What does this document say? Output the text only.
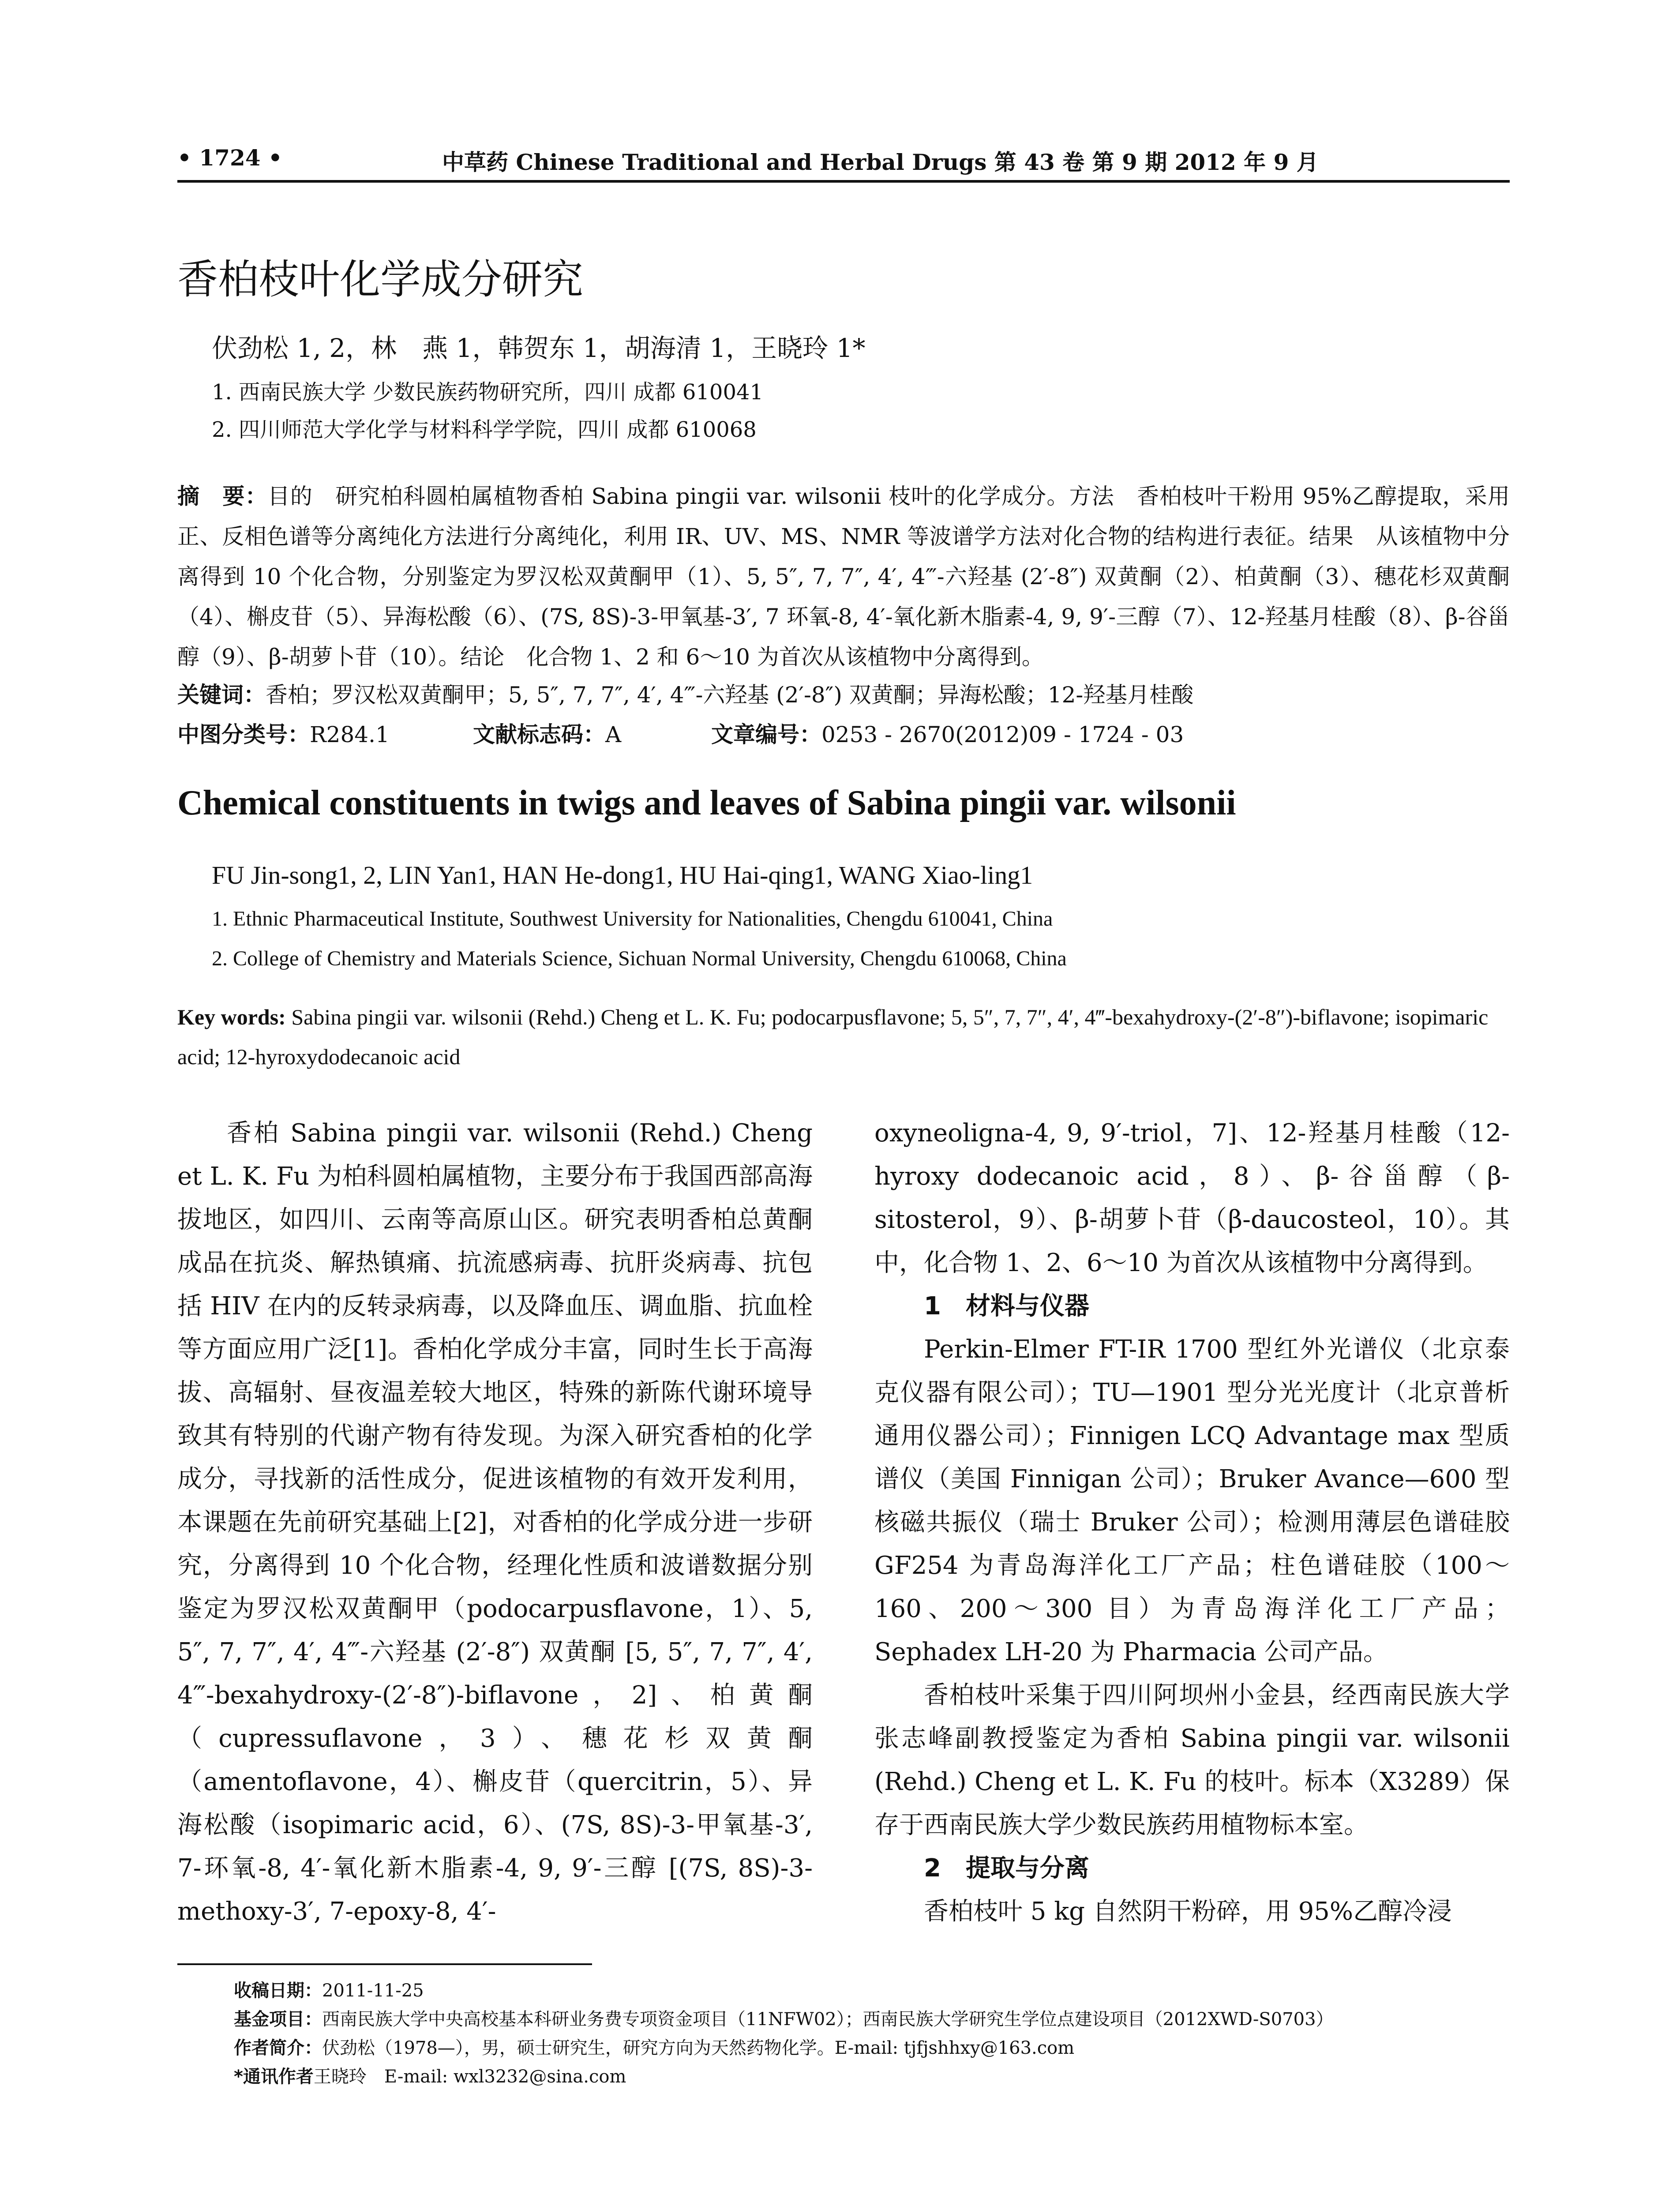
• 1724 •	中草药 Chinese Traditional and Herbal Drugs 第 43 卷 第 9 期 2012 年 9 月
香柏枝叶化学成分研究
伏劲松 1, 2，林　燕 1，韩贺东 1，胡海清 1，王晓玲 1*
1. 西南民族大学 少数民族药物研究所，四川 成都 610041
2. 四川师范大学化学与材料科学学院，四川 成都 610068
摘　要：目的　研究柏科圆柏属植物香柏 Sabina pingii var. wilsonii 枝叶的化学成分。方法　香柏枝叶干粉用 95%乙醇提取，采用正、反相色谱等分离纯化方法进行分离纯化，利用 IR、UV、MS、NMR 等波谱学方法对化合物的结构进行表征。结果　从该植物中分离得到 10 个化合物，分别鉴定为罗汉松双黄酮甲（1）、5, 5″, 7, 7″, 4′, 4‴-六羟基 (2′-8″) 双黄酮（2）、柏黄酮（3）、穗花杉双黄酮（4）、槲皮苷（5）、异海松酸（6）、(7S, 8S)-3-甲氧基-3′, 7 环氧-8, 4′-氧化新木脂素-4, 9, 9′-三醇（7）、12-羟基月桂酸（8）、β-谷甾醇（9）、β-胡萝卜苷（10）。结论　化合物 1、2 和 6～10 为首次从该植物中分离得到。
关键词：香柏；罗汉松双黄酮甲；5, 5″, 7, 7″, 4′, 4‴-六羟基 (2′-8″) 双黄酮；异海松酸；12-羟基月桂酸
中图分类号：R284.1	文献标志码：A	文章编号：0253 - 2670(2012)09 - 1724 - 03
Chemical constituents in twigs and leaves of Sabina pingii var. wilsonii
FU Jin-song1, 2, LIN Yan1, HAN He-dong1, HU Hai-qing1, WANG Xiao-ling1
1. Ethnic Pharmaceutical Institute, Southwest University for Nationalities, Chengdu 610041, China
2. College of Chemistry and Materials Science, Sichuan Normal University, Chengdu 610068, China
Key words: Sabina pingii var. wilsonii (Rehd.) Cheng et L. K. Fu; podocarpusflavone; 5, 5″, 7, 7″, 4′, 4‴-bexahydroxy-(2′-8″)-biflavone; isopimaric acid; 12-hyroxydodecanoic acid

香柏 Sabina pingii var. wilsonii (Rehd.) Cheng et L. K. Fu 为柏科圆柏属植物，主要分布于我国西部高海拔地区，如四川、云南等高原山区。研究表明香柏总黄酮成品在抗炎、解热镇痛、抗流感病毒、抗肝炎病毒、抗包括 HIV 在内的反转录病毒，以及降血压、调血脂、抗血栓等方面应用广泛[1]。香柏化学成分丰富，同时生长于高海拔、高辐射、昼夜温差较大地区，特殊的新陈代谢环境导致其有特别的代谢产物有待发现。为深入研究香柏的化学成分，寻找新的活性成分，促进该植物的有效开发利用，本课题在先前研究基础上[2]，对香柏的化学成分进一步研究，分离得到 10 个化合物，经理化性质和波谱数据分别鉴定为罗汉松双黄酮甲（podocarpusflavone，1）、5, 5″, 7, 7″, 4′, 4‴-六羟基 (2′-8″) 双黄酮 [5, 5″, 7, 7″, 4′, 4‴-bexahydroxy-(2′-8″)-biflavone，2]、柏黄酮（cupressuflavone，3）、穗花杉双黄酮（amentoflavone，4）、槲皮苷（quercitrin，5）、异海松酸（isopimaric acid，6）、(7S, 8S)-3-甲氧基-3′, 7-环氧-8, 4′-氧化新木脂素-4, 9, 9′-三醇 [(7S, 8S)-3-methoxy-3′, 7-epoxy-8, 4′-

oxyneoligna-4, 9, 9′-triol，7]、12-羟基月桂酸（12-hyroxy dodecanoic acid，8）、β-谷甾醇（β-sitosterol，9）、β-胡萝卜苷（β-daucosteol，10）。其中，化合物 1、2、6～10 为首次从该植物中分离得到。

1　材料与仪器

Perkin-Elmer FT-IR 1700 型红外光谱仪（北京泰克仪器有限公司）；TU—1901 型分光光度计（北京普析通用仪器公司）；Finnigen LCQ Advantage max 型质谱仪（美国 Finnigan 公司）；Bruker Avance—600 型核磁共振仪（瑞士 Bruker 公司）；检测用薄层色谱硅胶 GF254 为青岛海洋化工厂产品；柱色谱硅胶（100～160、200～300 目）为青岛海洋化工厂产品；Sephadex LH-20 为 Pharmacia 公司产品。

香柏枝叶采集于四川阿坝州小金县，经西南民族大学张志峰副教授鉴定为香柏 Sabina pingii var. wilsonii (Rehd.) Cheng et L. K. Fu 的枝叶。标本（X3289）保存于西南民族大学少数民族药用植物标本室。

2　提取与分离

香柏枝叶 5 kg 自然阴干粉碎，用 95%乙醇冷浸

收稿日期：2011-11-25
基金项目：西南民族大学中央高校基本科研业务费专项资金项目（11NFW02）；西南民族大学研究生学位点建设项目（2012XWD-S0703）
作者简介：伏劲松（1978—），男，硕士研究生，研究方向为天然药物化学。E-mail: tjfjshhxy@163.com
*通讯作者王晓玲　E-mail: wxl3232@sina.com
